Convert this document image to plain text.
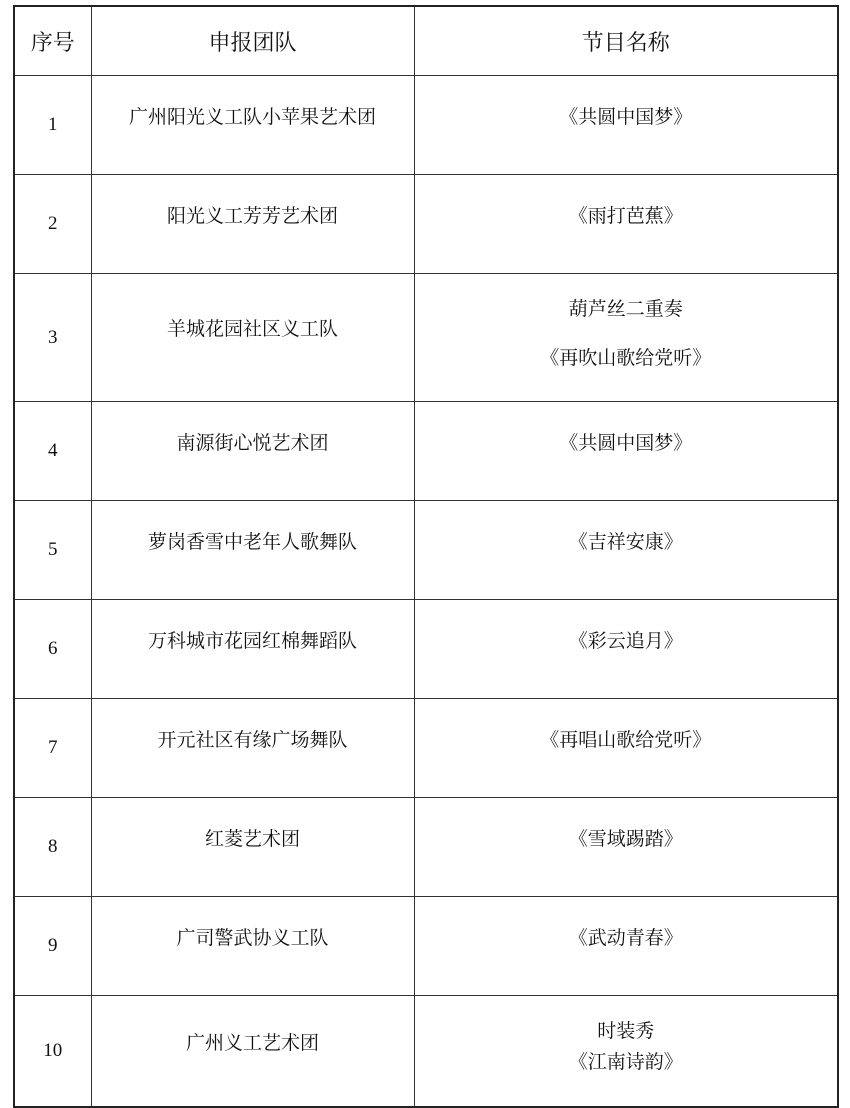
序号	申报团队	节目名称
1	广州阳光义工队小苹果艺术团	《共圆中国梦》

2	阳光义工芳芳艺术团	《雨打芭蕉》

3	羊城花园社区义工队	葫芦丝二重奏
《再吹山歌给党听》

4	南源街心悦艺术团	《共圆中国梦》

5	萝岗香雪中老年人歌舞队	《吉祥安康》

6	万科城市花园红棉舞蹈队	《彩云追月》

7	开元社区有缘广场舞队	《再唱山歌给党听》

8	红菱艺术团	《雪域踢踏》

9	广司警武协义工队	《武动青春》

10	广州义工艺术团	时装秀
《江南诗韵》
